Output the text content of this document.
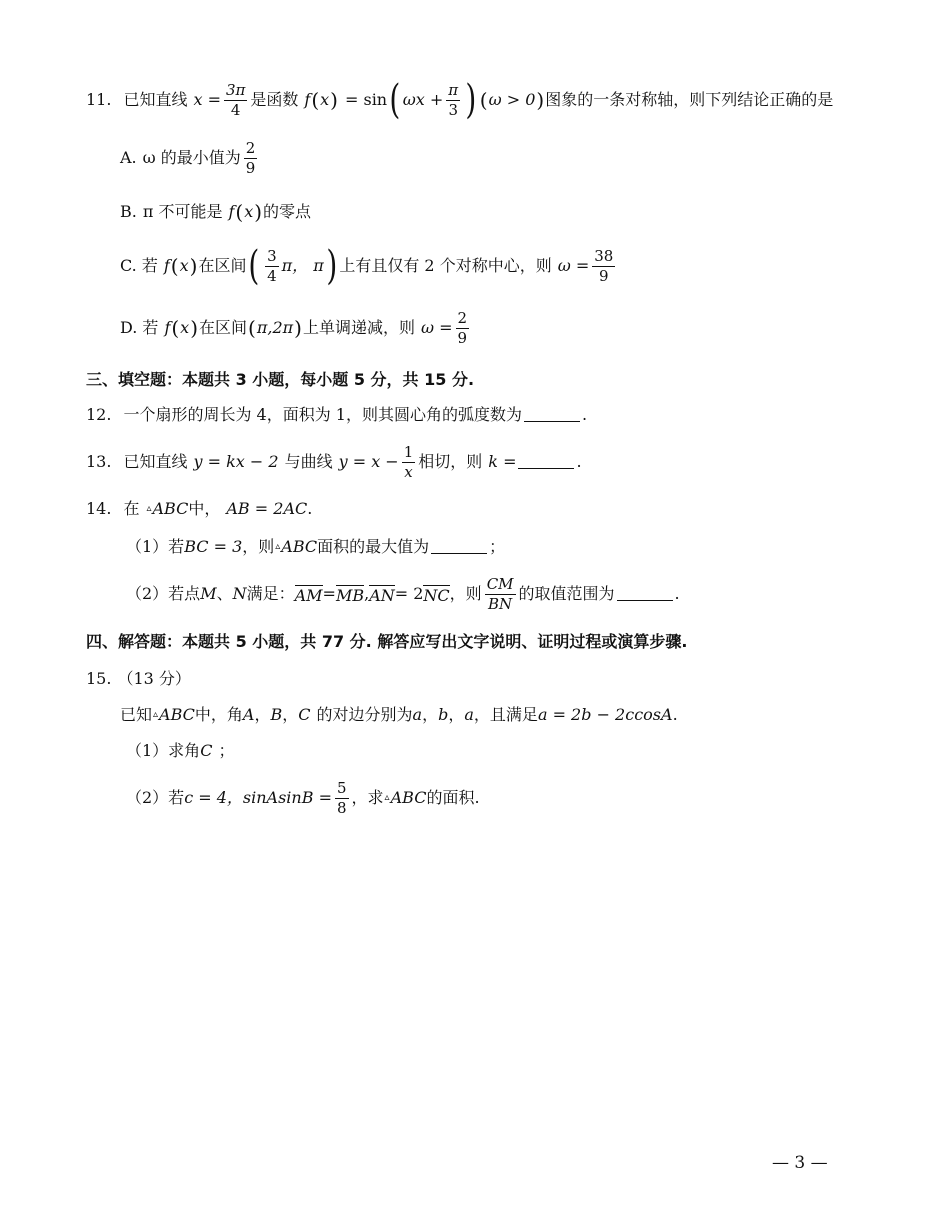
11. 已知直线 $x = \frac{3\pi}{4}$ 是函数 f ( x ) = sin ( $\omega x + \frac{\pi}{3}$ ) ( ω > 0 ) 图象的一条对称轴，则下列结论正确的是
A. ω 的最小值为 $\frac{2}{9}$
B. π 不可能是 f ( x ) 的零点
C. 若 f ( x ) 在区间 ( $\frac{3}{4}$ π， π ) 上有且仅有 2 个对称中心，则 $\omega = \frac{38}{9}$
D. 若 f ( x ) 在区间 ( π,2π ) 上单调递减，则 $\omega = \frac{2}{9}$
三、填空题：本题共 3 小题，每小题 5 分，共 15 分.
12. 一个扇形的周长为 4，面积为 1，则其圆心角的弧度数为	.
13. 已知直线 y = kx − 2 与曲线 $y = x - \frac{1}{x}$ 相切，则 k =	.
14. 在 ▵ ABC 中， AB = 2AC .
（1）若 BC = 3 ，则 ▵ ABC 面积的最大值为	；
（2）若点 M 、 N 满足： AM = MB , AN = 2 NC ，则 $\frac{CM}{BN}$ 的取值范围为	.
四、解答题：本题共 5 小题，共 77 分. 解答应写出文字说明、证明过程或演算步骤.
15. （13 分）
已知 ▵ ABC 中，角 A ， B ， C 的对边分别为 a ， b ， a ，且满足 a = 2b − 2ccosA .
（1）求角 C ；
（2）若 c = 4，sinAsinB = $\frac{5}{8}$ ，求 ▵ ABC 的面积.
— 3 —
